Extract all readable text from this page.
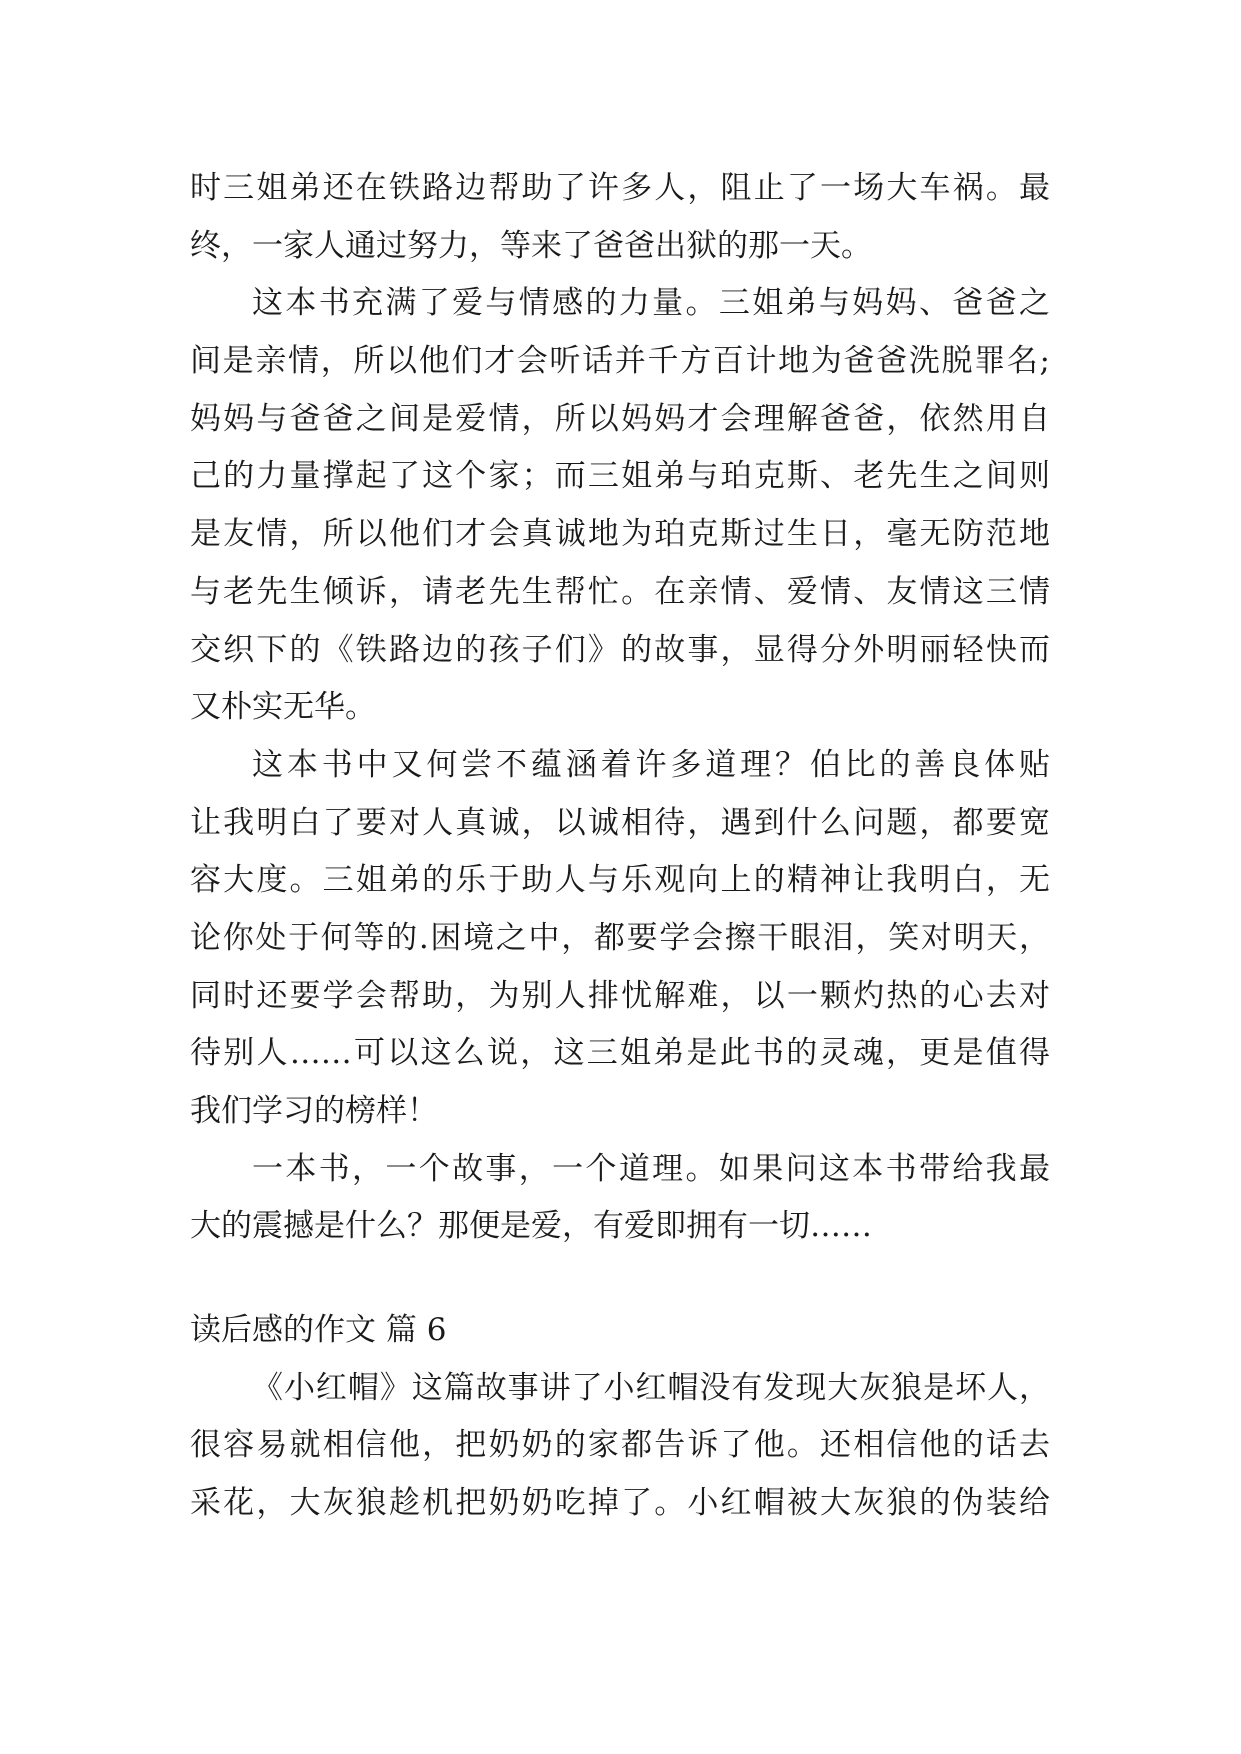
时三姐弟还在铁路边帮助了许多人，阻止了一场大车祸。最
终，一家人通过努力，等来了爸爸出狱的那一天。
这本书充满了爱与情感的力量。三姐弟与妈妈、爸爸之
间是亲情，所以他们才会听话并千方百计地为爸爸洗脱罪名;
妈妈与爸爸之间是爱情，所以妈妈才会理解爸爸，依然用自
己的力量撑起了这个家；而三姐弟与珀克斯、老先生之间则
是友情，所以他们才会真诚地为珀克斯过生日，毫无防范地
与老先生倾诉，请老先生帮忙。在亲情、爱情、友情这三情
交织下的《铁路边的孩子们》的故事，显得分外明丽轻快而
又朴实无华。
这本书中又何尝不蕴涵着许多道理？伯比的善良体贴
让我明白了要对人真诚，以诚相待，遇到什么问题，都要宽
容大度。三姐弟的乐于助人与乐观向上的精神让我明白，无
论你处于何等的.困境之中，都要学会擦干眼泪，笑对明天，
同时还要学会帮助，为别人排忧解难，以一颗灼热的心去对
待别人……可以这么说，这三姐弟是此书的灵魂，更是值得
我们学习的榜样！
一本书，一个故事，一个道理。如果问这本书带给我最
大的震撼是什么？那便是爱，有爱即拥有一切……
读后感的作文 篇 6
《小红帽》这篇故事讲了小红帽没有发现大灰狼是坏人，
很容易就相信他，把奶奶的家都告诉了他。还相信他的话去
采花，大灰狼趁机把奶奶吃掉了。小红帽被大灰狼的伪装给
